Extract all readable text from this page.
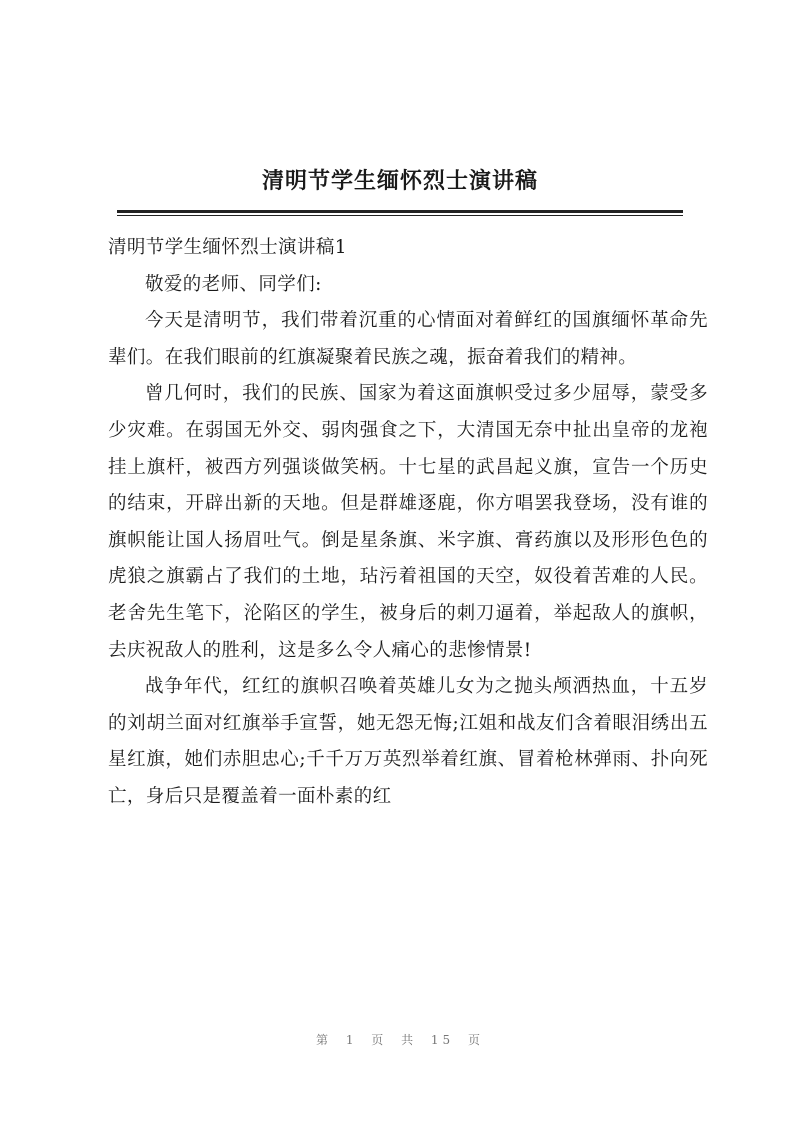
清明节学生缅怀烈士演讲稿

清明节学生缅怀烈士演讲稿1

敬爱的老师、同学们:

今天是清明节，我们带着沉重的心情面对着鲜红的国旗缅怀革命先辈们。在我们眼前的红旗凝聚着民族之魂，振奋着我们的精神。

曾几何时，我们的民族、国家为着这面旗帜受过多少屈辱，蒙受多少灾难。在弱国无外交、弱肉强食之下，大清国无奈中扯出皇帝的龙袍挂上旗杆，被西方列强谈做笑柄。十七星的武昌起义旗，宣告一个历史的结束，开辟出新的天地。但是群雄逐鹿，你方唱罢我登场，没有谁的旗帜能让国人扬眉吐气。倒是星条旗、米字旗、膏药旗以及形形色色的虎狼之旗霸占了我们的土地，玷污着祖国的天空，奴役着苦难的人民。老舍先生笔下，沦陷区的学生，被身后的刺刀逼着，举起敌人的旗帜，去庆祝敌人的胜利，这是多么令人痛心的悲惨情景!

战争年代，红红的旗帜召唤着英雄儿女为之抛头颅洒热血，十五岁的刘胡兰面对红旗举手宣誓，她无怨无悔;江姐和战友们含着眼泪绣出五星红旗，她们赤胆忠心;千千万万英烈举着红旗、冒着枪林弹雨、扑向死亡，身后只是覆盖着一面朴素的红

第 1 页 共 15 页
